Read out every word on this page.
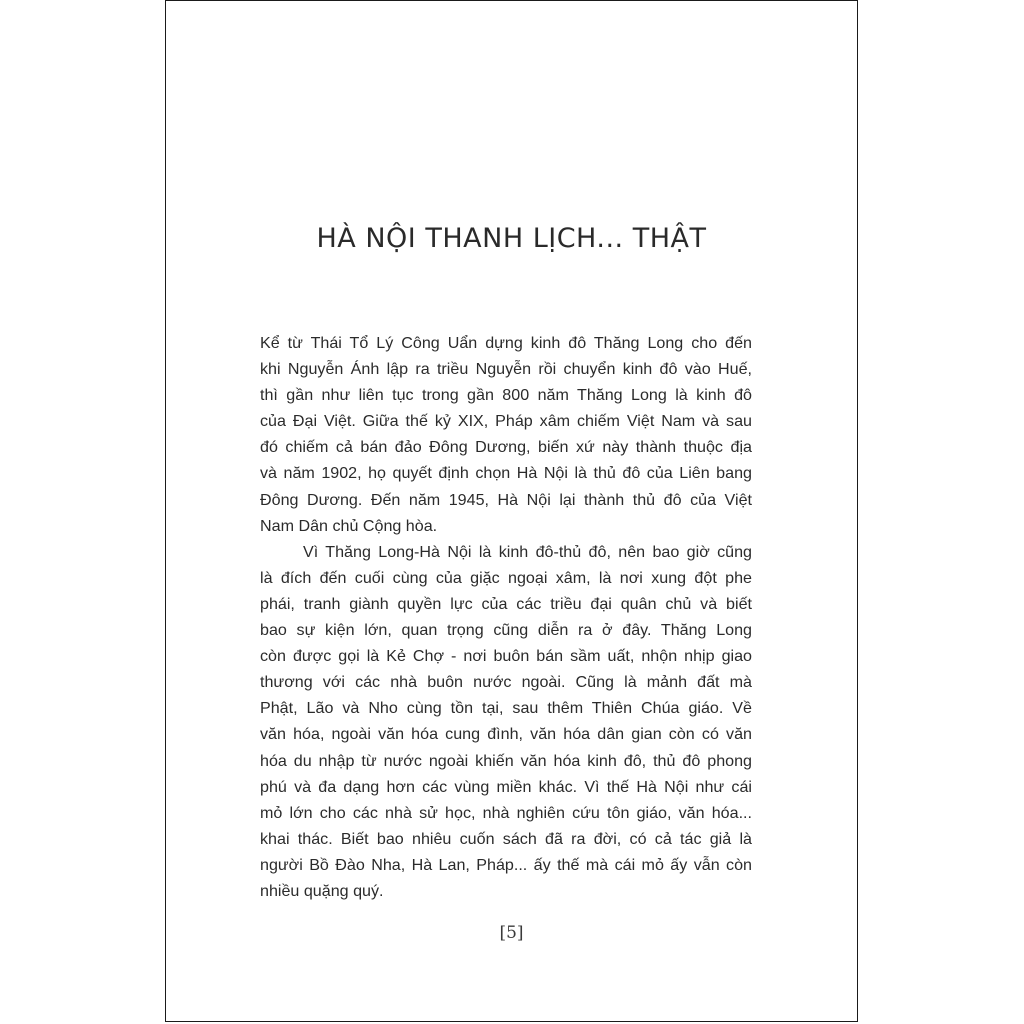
HÀ NỘI THANH LỊCH... THẬT
Kể từ Thái Tổ Lý Công Uẩn dựng kinh đô Thăng Long cho đến
khi Nguyễn Ánh lập ra triều Nguyễn rồi chuyển kinh đô vào Huế,
thì gần như liên tục trong gần 800 năm Thăng Long là kinh đô
của Đại Việt. Giữa thế kỷ XIX, Pháp xâm chiếm Việt Nam và sau
đó chiếm cả bán đảo Đông Dương, biến xứ này thành thuộc địa
và năm 1902, họ quyết định chọn Hà Nội là thủ đô của Liên bang
Đông Dương. Đến năm 1945, Hà Nội lại thành thủ đô của Việt
Nam Dân chủ Cộng hòa.
Vì Thăng Long-Hà Nội là kinh đô-thủ đô, nên bao giờ cũng
là đích đến cuối cùng của giặc ngoại xâm, là nơi xung đột phe
phái, tranh giành quyền lực của các triều đại quân chủ và biết
bao sự kiện lớn, quan trọng cũng diễn ra ở đây. Thăng Long
còn được gọi là Kẻ Chợ - nơi buôn bán sầm uất, nhộn nhịp giao
thương với các nhà buôn nước ngoài. Cũng là mảnh đất mà
Phật, Lão và Nho cùng tồn tại, sau thêm Thiên Chúa giáo. Về
văn hóa, ngoài văn hóa cung đình, văn hóa dân gian còn có văn
hóa du nhập từ nước ngoài khiến văn hóa kinh đô, thủ đô phong
phú và đa dạng hơn các vùng miền khác. Vì thế Hà Nội như cái
mỏ lớn cho các nhà sử học, nhà nghiên cứu tôn giáo, văn hóa...
khai thác. Biết bao nhiêu cuốn sách đã ra đời, có cả tác giả là
người Bồ Đào Nha, Hà Lan, Pháp... ấy thế mà cái mỏ ấy vẫn còn
nhiều quặng quý.
[5]
